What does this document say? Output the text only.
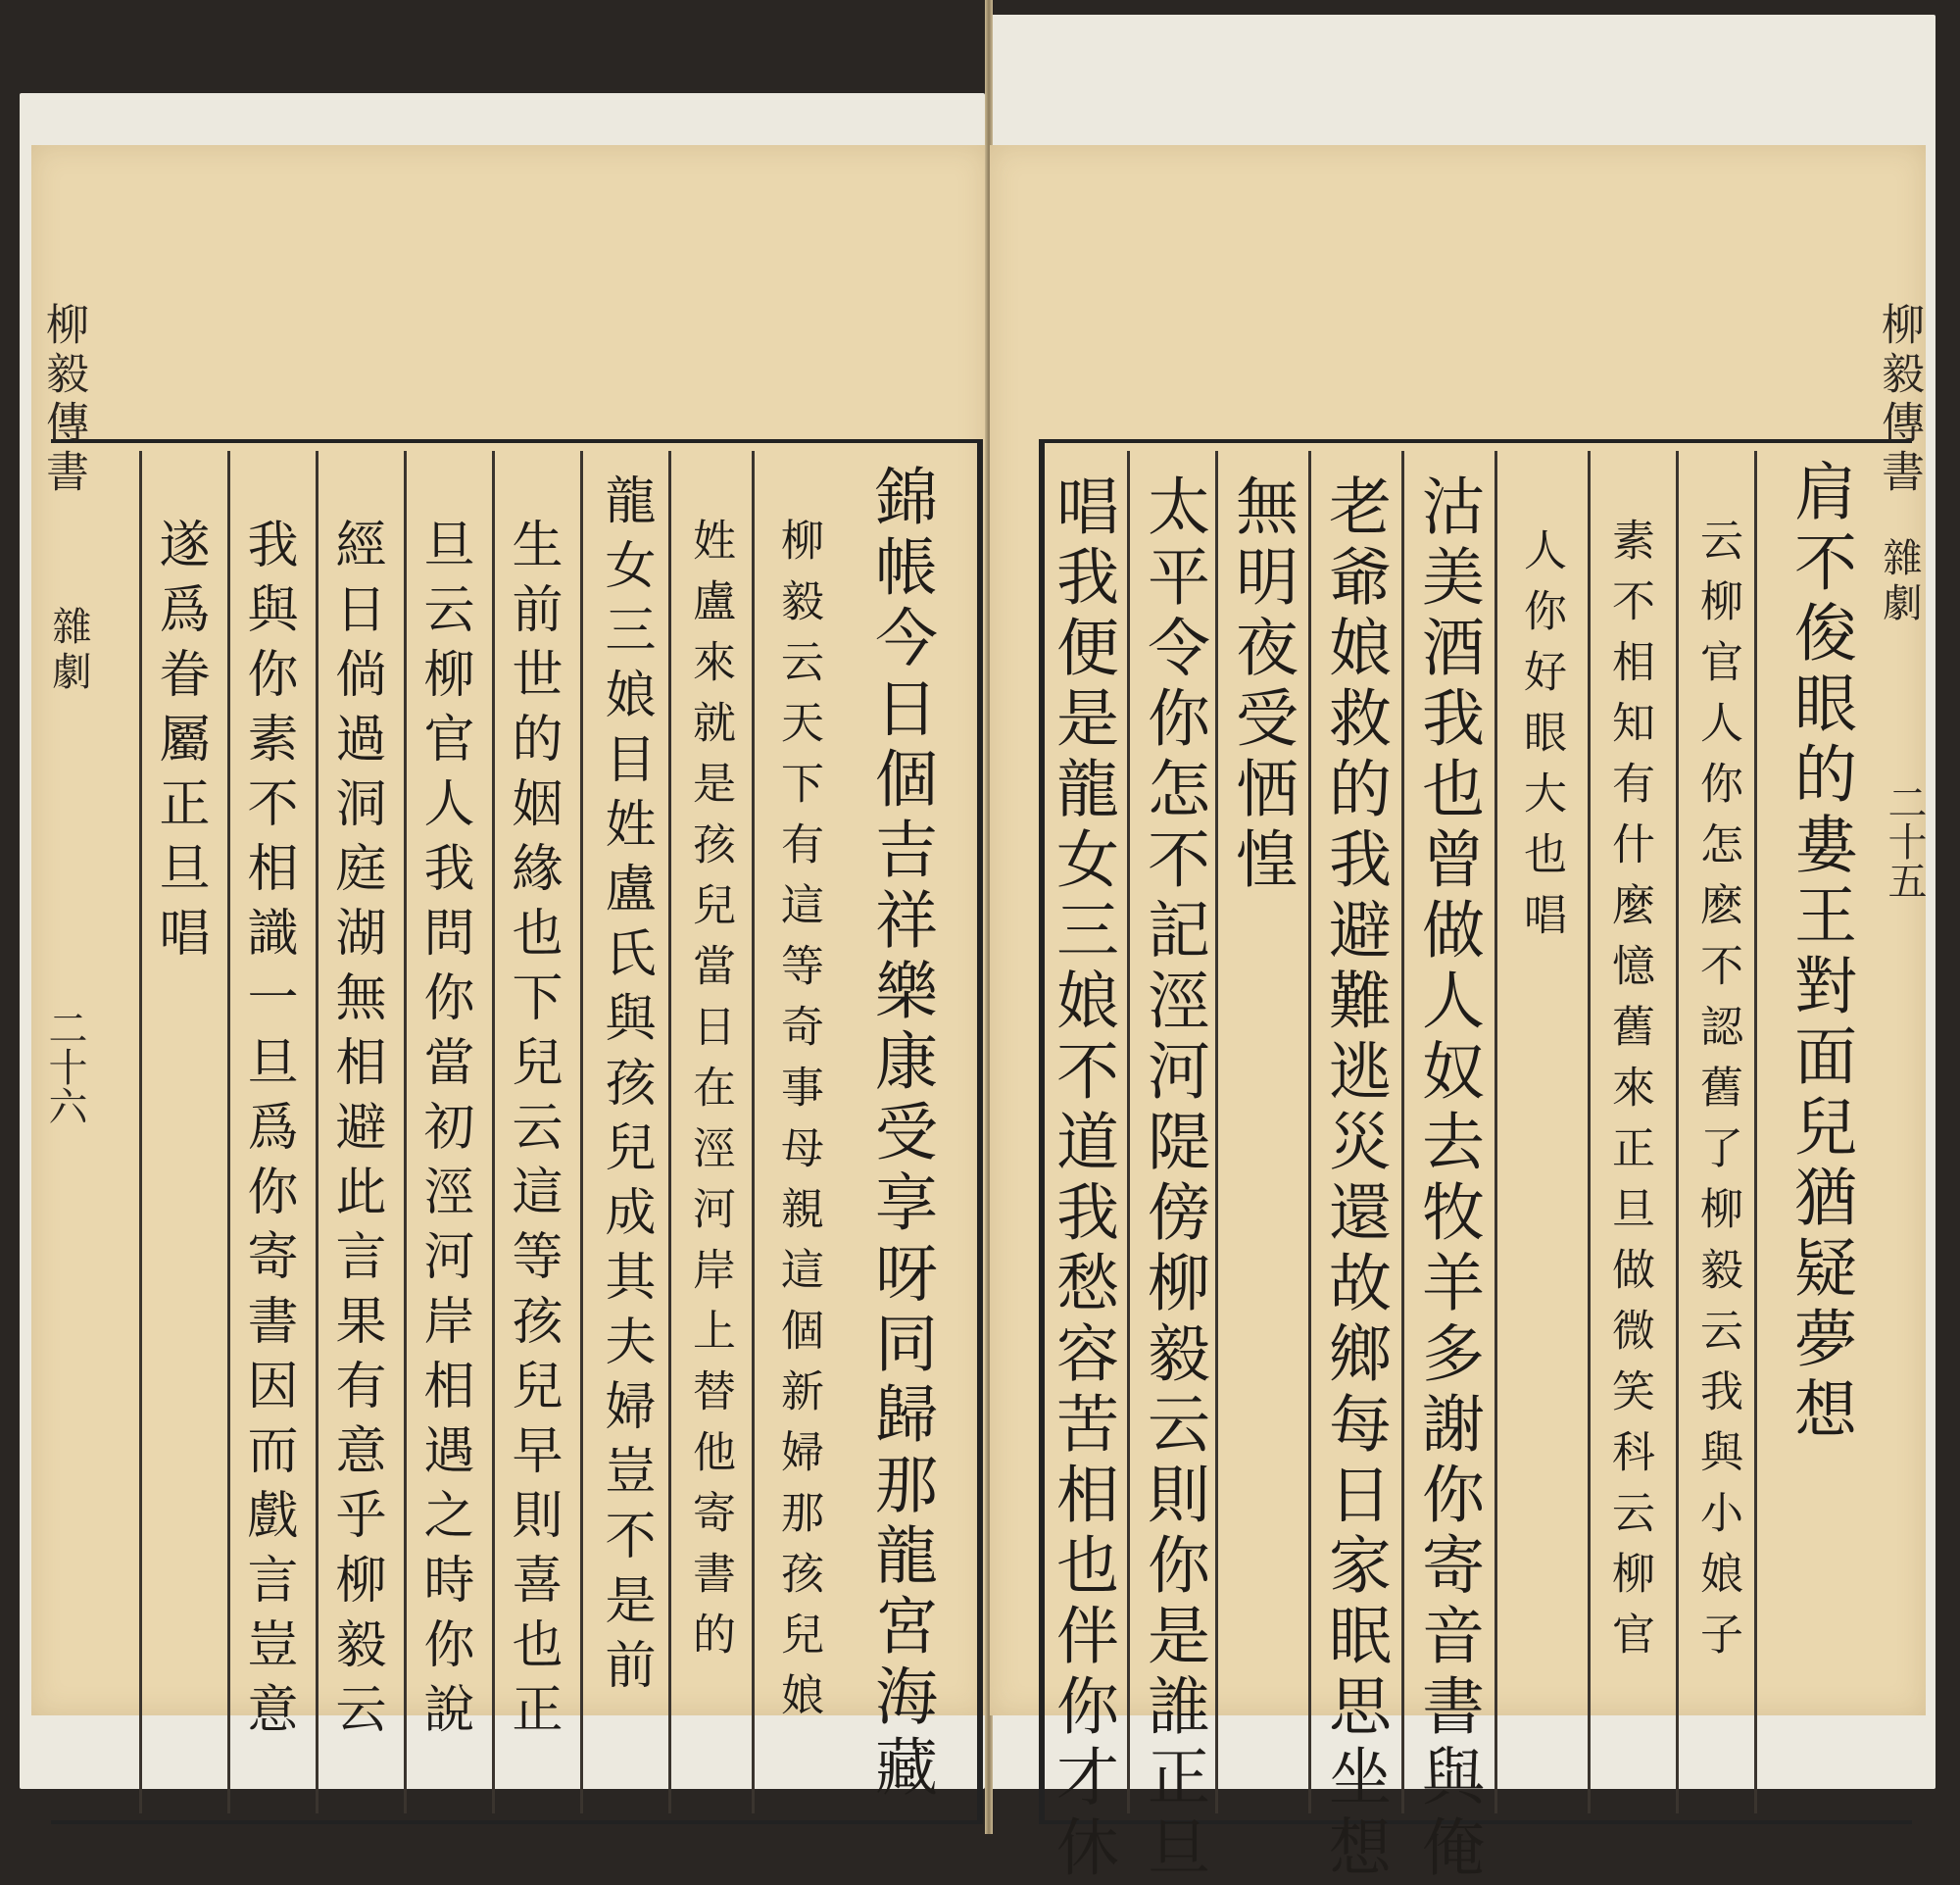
柳毅傳書
雜劇
二十六	錦帳今日個吉祥樂康受享呀同歸那龍宮海藏
柳毅云天下有這等奇事母親這個新婦那孩兒娘
姓盧來就是孩兒當日在涇河岸上替他寄書的
龍女三娘目姓盧氏與孩兒成其夫婦豈不是前
生前世的姻緣也下兒云這等孩兒早則喜也正
旦云柳官人我問你當初涇河岸相遇之時你說
經日倘過洞庭湖無相避此言果有意乎柳毅云
我與你素不相識一旦爲你寄書因而戲言豈意
遂爲眷屬正旦唱
柳毅傳書
雜劇
二十五
肩不俊眼的婁王對面兒猶疑夢想
云柳官人你怎麽不認舊了柳毅云我與小娘子
素不相知有什麼憶舊來正旦做微笑科云柳官
人你好眼大也唱
沽美酒我也曾做人奴去牧羊多謝你寄音書與俺
老爺娘救的我避難逃災還故鄉每日家眠思坐想
無明夜受恓惶
太平令你怎不記涇河隄傍柳毅云則你是誰正旦
唱我便是龍女三娘不道我愁容苦相也伴你才休
